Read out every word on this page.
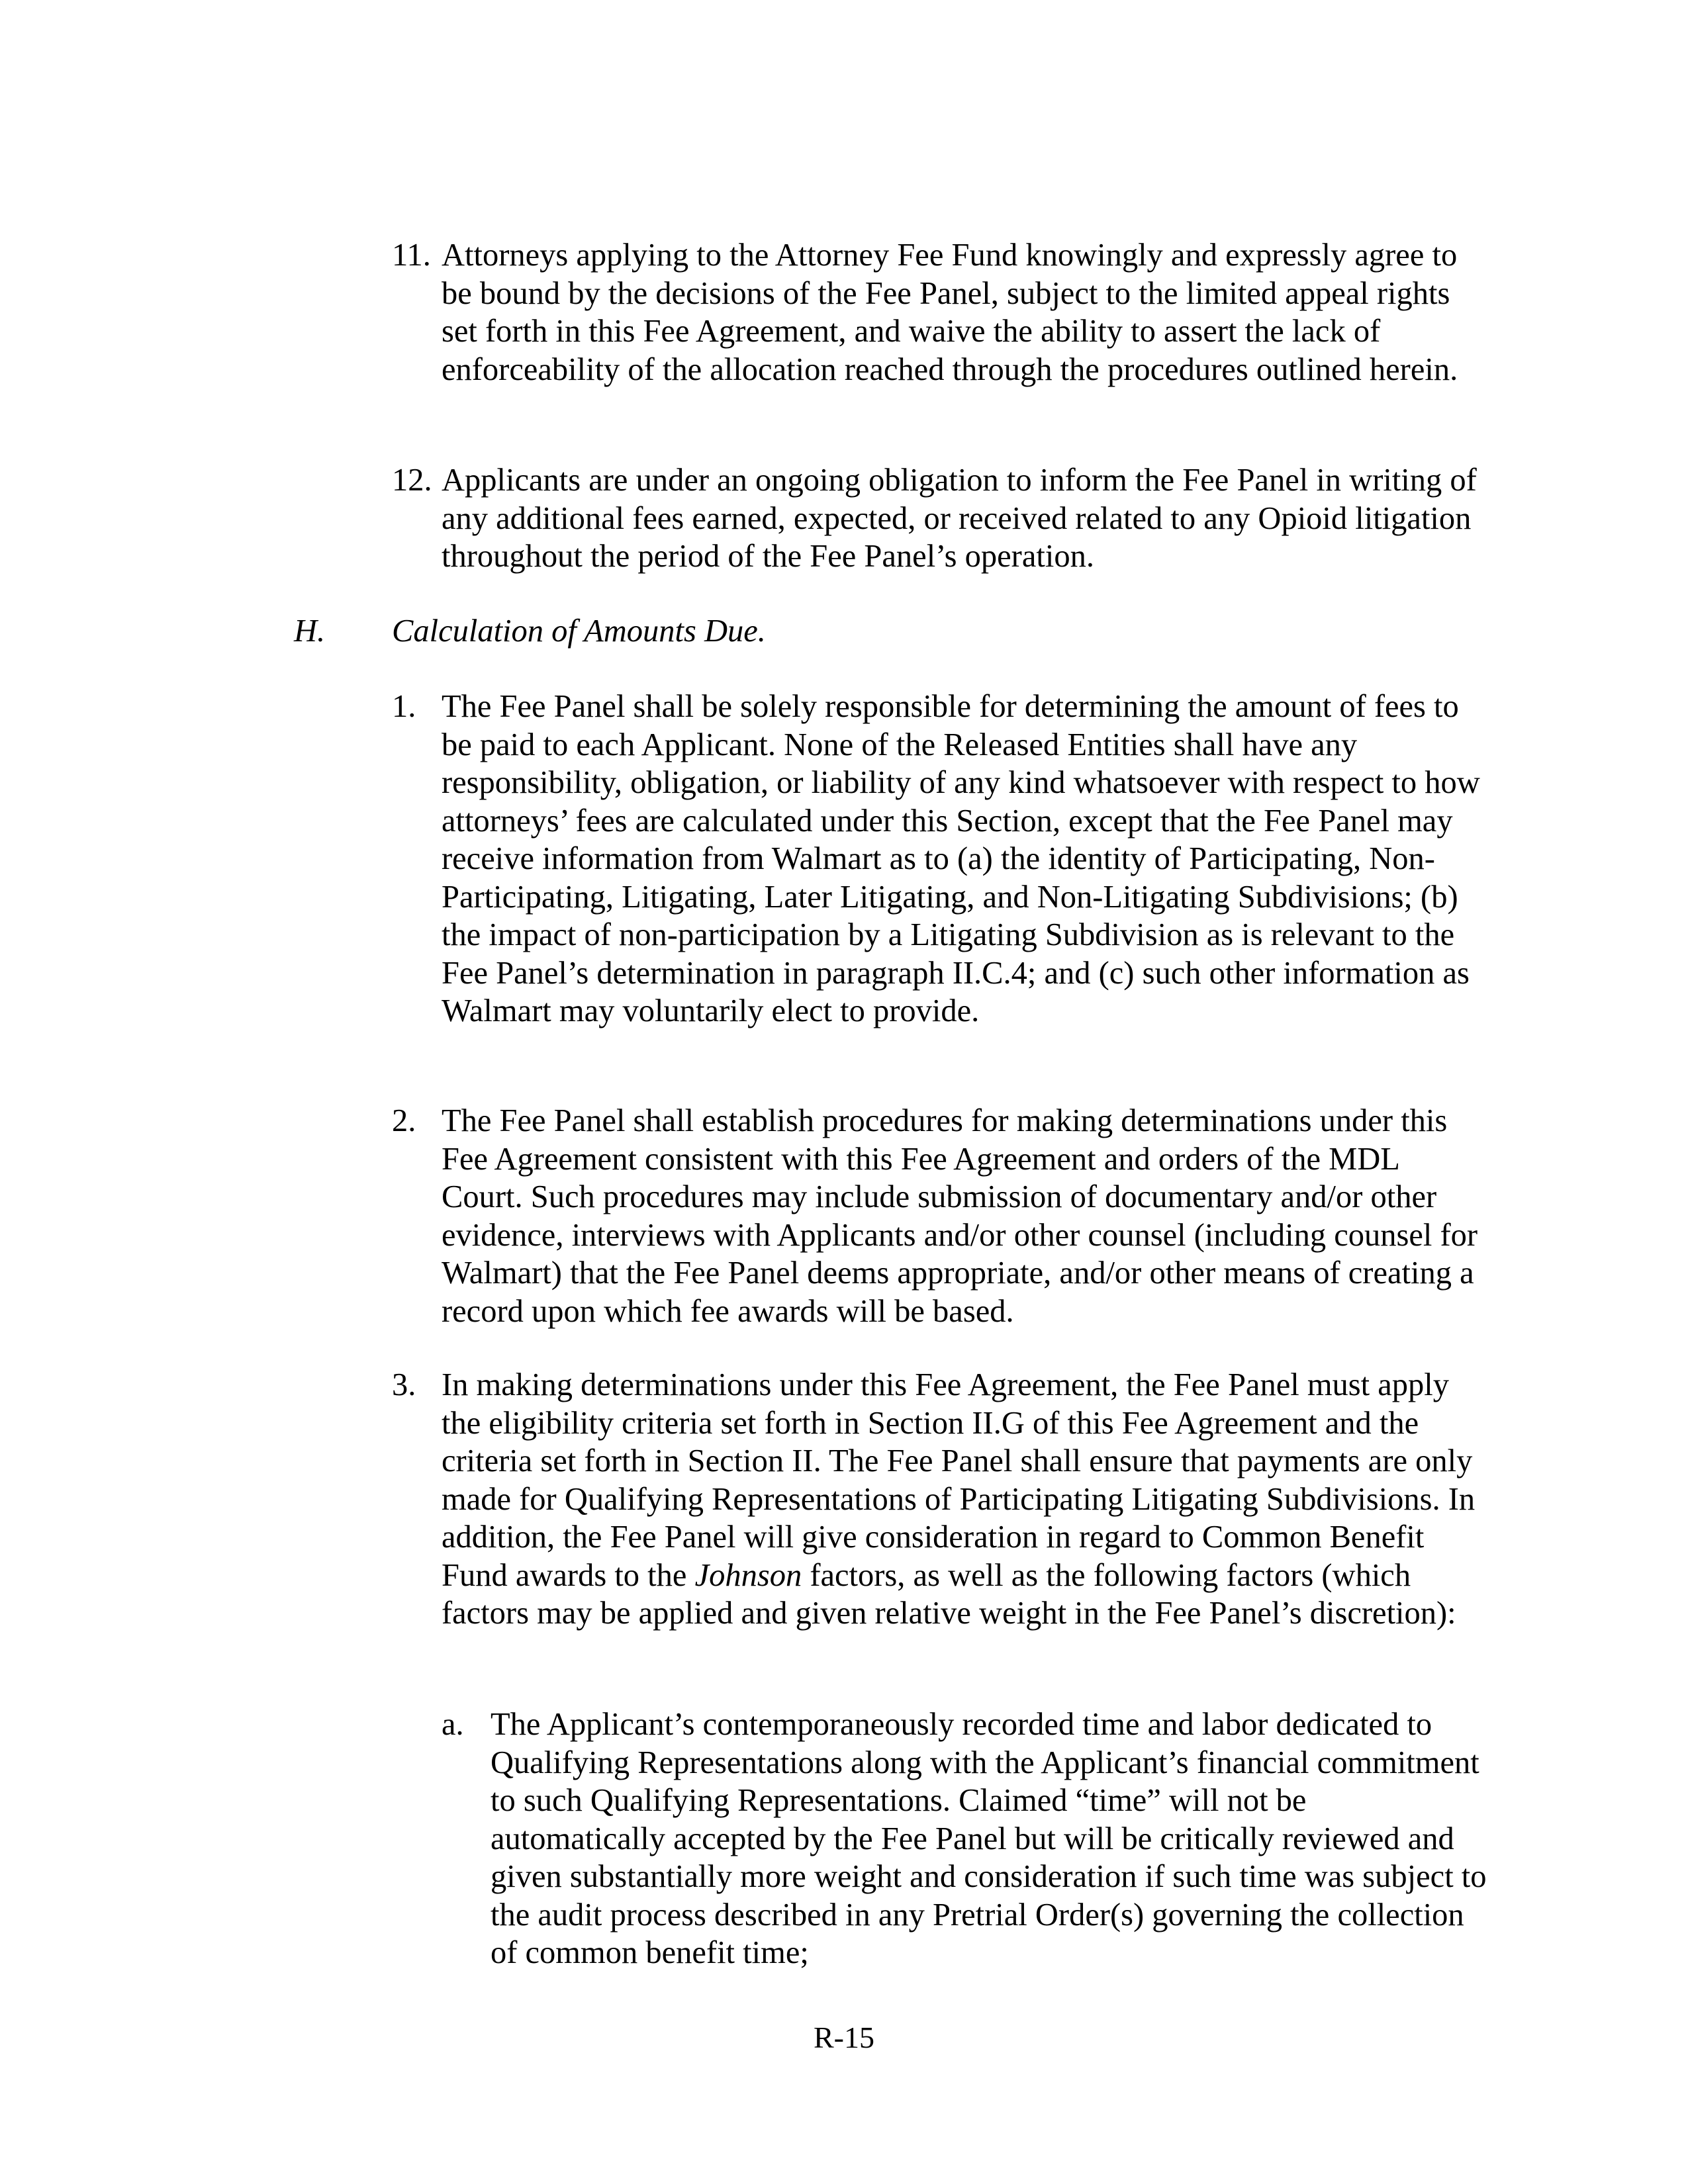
11. Attorneys applying to the Attorney Fee Fund knowingly and expressly agree to be bound by the decisions of the Fee Panel, subject to the limited appeal rights set forth in this Fee Agreement, and waive the ability to assert the lack of enforceability of the allocation reached through the procedures outlined herein.
12. Applicants are under an ongoing obligation to inform the Fee Panel in writing of any additional fees earned, expected, or received related to any Opioid litigation throughout the period of the Fee Panel’s operation.
H. Calculation of Amounts Due.
1. The Fee Panel shall be solely responsible for determining the amount of fees to be paid to each Applicant. None of the Released Entities shall have any responsibility, obligation, or liability of any kind whatsoever with respect to how attorneys’ fees are calculated under this Section, except that the Fee Panel may receive information from Walmart as to (a) the identity of Participating, Non-Participating, Litigating, Later Litigating, and Non-Litigating Subdivisions; (b) the impact of non-participation by a Litigating Subdivision as is relevant to the Fee Panel’s determination in paragraph II.C.4; and (c) such other information as Walmart may voluntarily elect to provide.
2. The Fee Panel shall establish procedures for making determinations under this Fee Agreement consistent with this Fee Agreement and orders of the MDL Court. Such procedures may include submission of documentary and/or other evidence, interviews with Applicants and/or other counsel (including counsel for Walmart) that the Fee Panel deems appropriate, and/or other means of creating a record upon which fee awards will be based.
3. In making determinations under this Fee Agreement, the Fee Panel must apply the eligibility criteria set forth in Section II.G of this Fee Agreement and the criteria set forth in Section II. The Fee Panel shall ensure that payments are only made for Qualifying Representations of Participating Litigating Subdivisions. In addition, the Fee Panel will give consideration in regard to Common Benefit Fund awards to the Johnson factors, as well as the following factors (which factors may be applied and given relative weight in the Fee Panel’s discretion):
a. The Applicant’s contemporaneously recorded time and labor dedicated to Qualifying Representations along with the Applicant’s financial commitment to such Qualifying Representations. Claimed “time” will not be automatically accepted by the Fee Panel but will be critically reviewed and given substantially more weight and consideration if such time was subject to the audit process described in any Pretrial Order(s) governing the collection of common benefit time;
R-15
